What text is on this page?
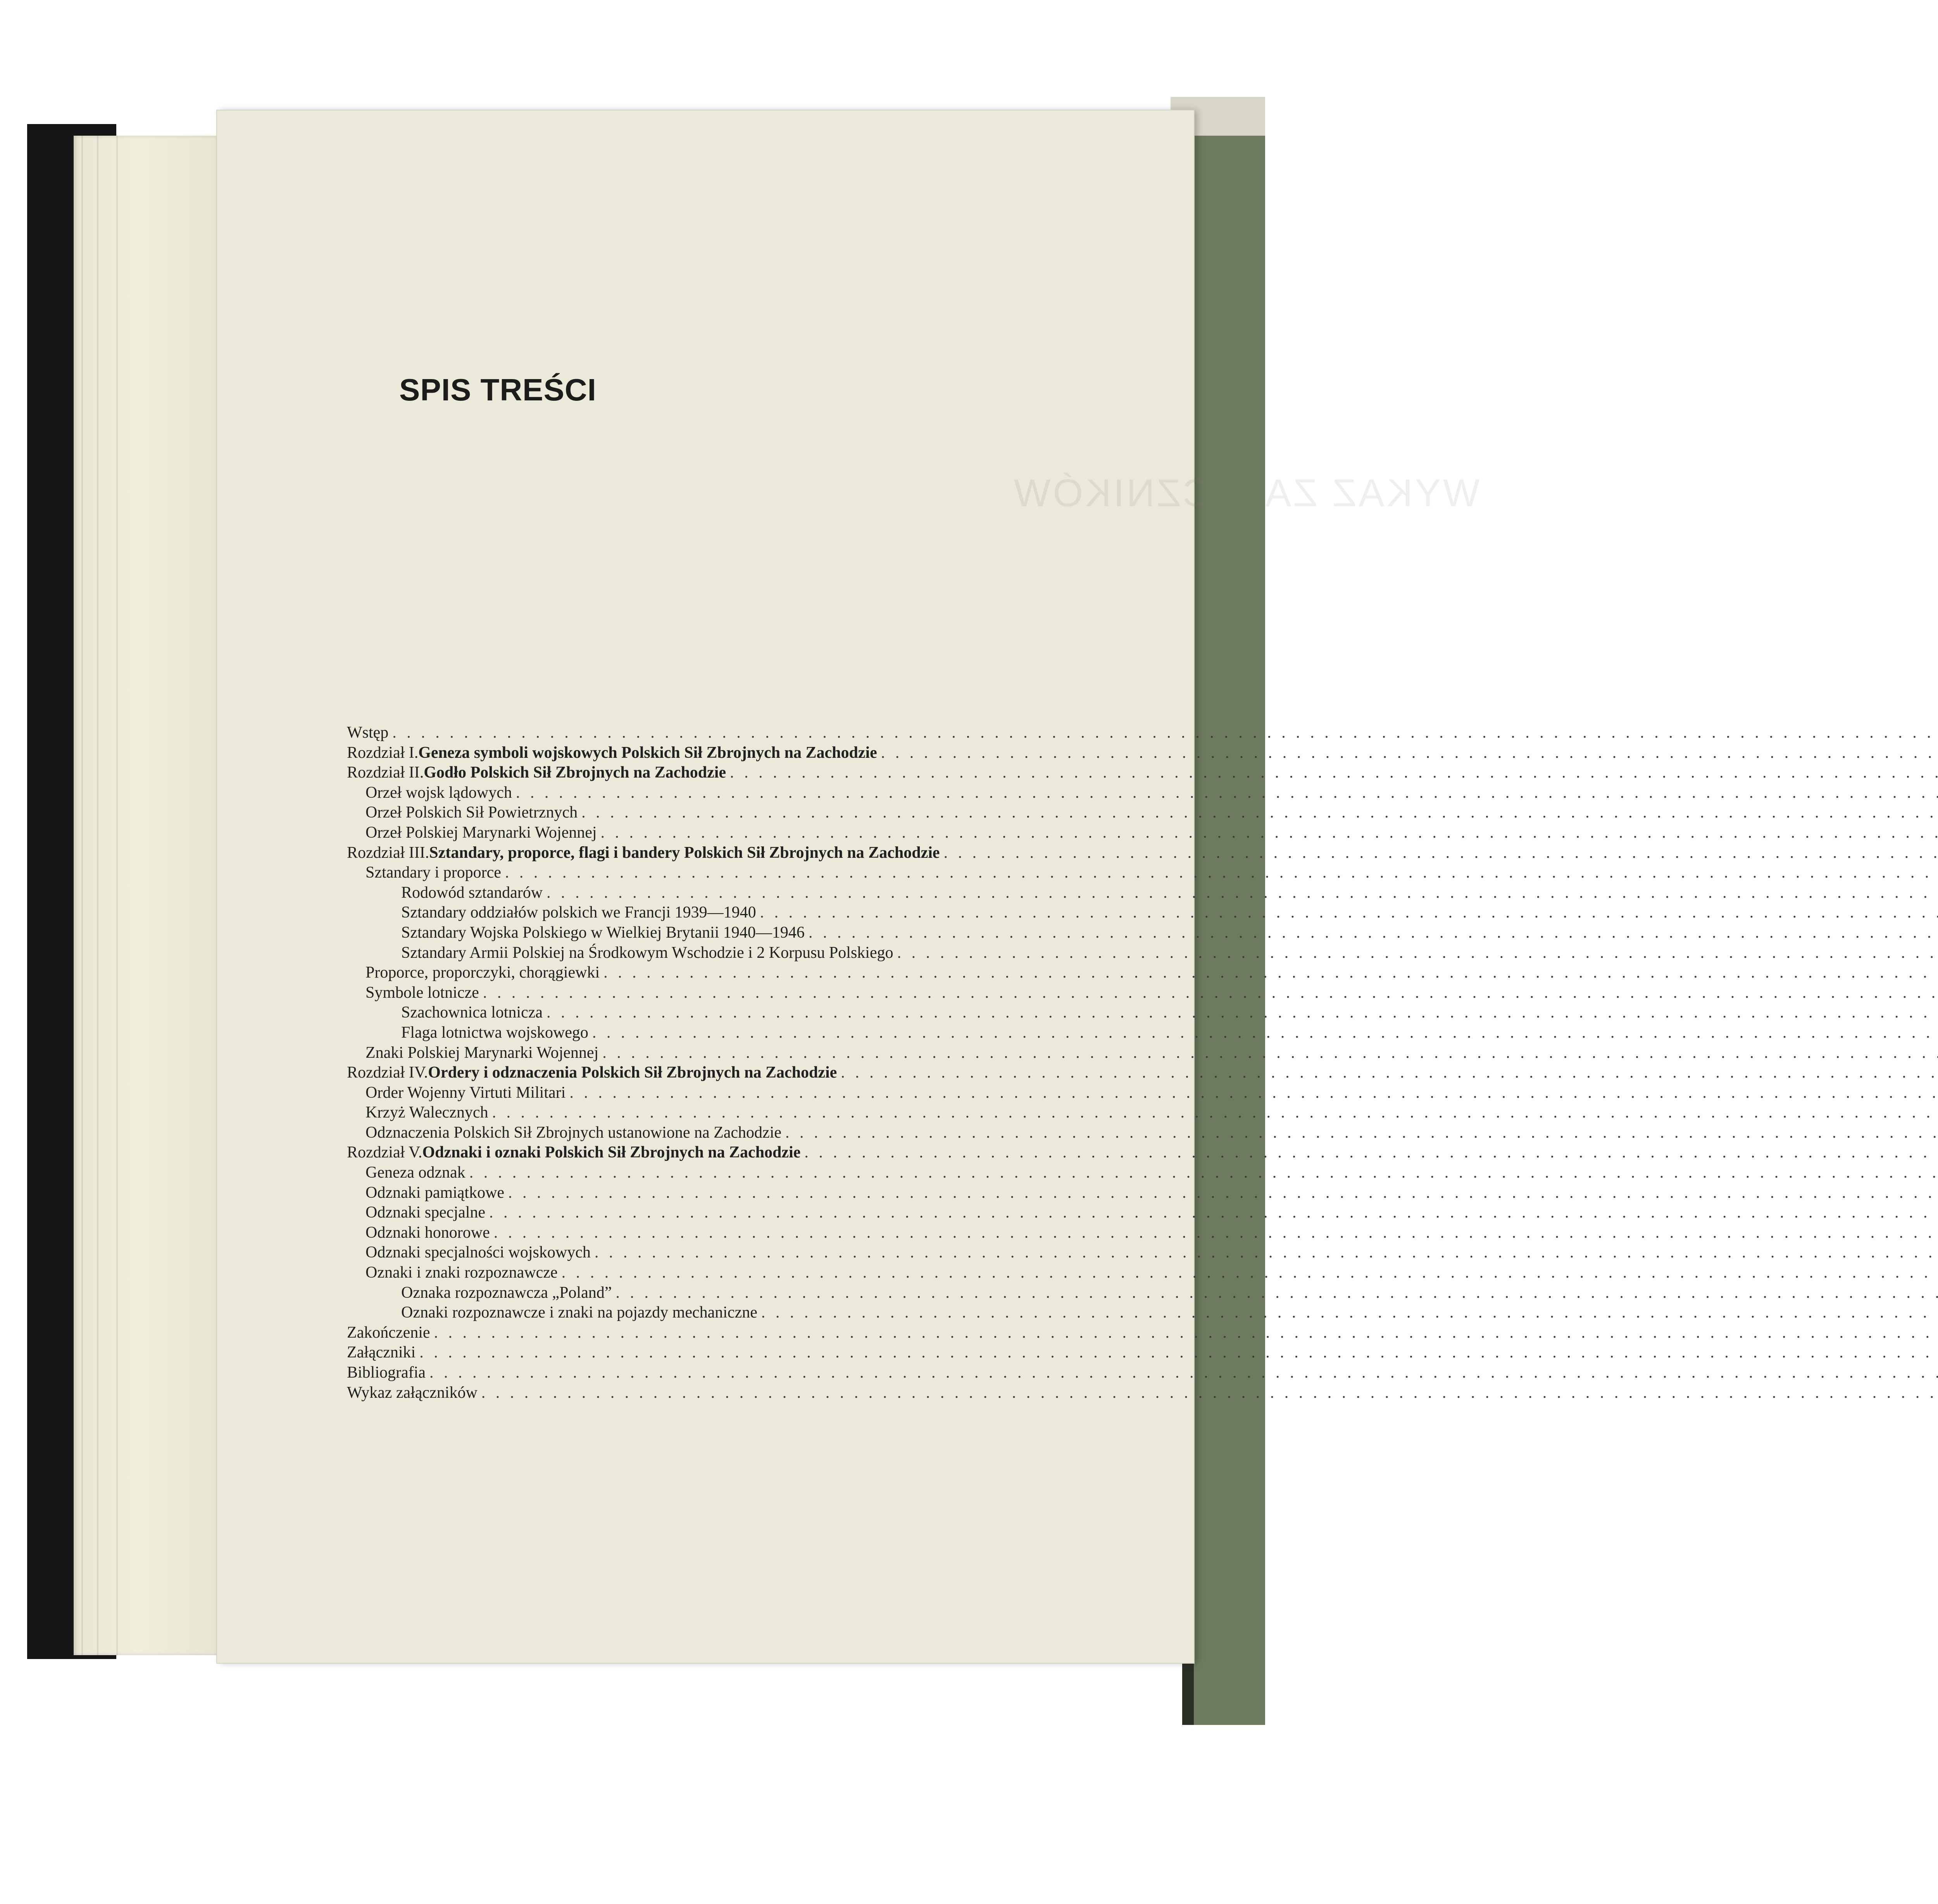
WYKAZ ZAŁĄCZNIKÓW
SPIS TREŚCI
Wstęp
. . .
Rozdział I. Geneza symboli wojskowych Polskich Sił Zbrojnych na Zachodzie
. . .
Rozdział II. Godło Polskich Sił Zbrojnych na Zachodzie
. . .
Orzeł wojsk lądowych
. . .
Orzeł Polskich Sił Powietrznych
. . .
Orzeł Polskiej Marynarki Wojennej
. . .
Rozdział III. Sztandary, proporce, flagi i bandery Polskich Sił Zbrojnych na Zachodzie
. . .
Sztandary i proporce
. . .
Rodowód sztandarów
. . .
Sztandary oddziałów polskich we Francji 1939—1940
. . .
Sztandary Wojska Polskiego w Wielkiej Brytanii 1940—1946
. . .
Sztandary Armii Polskiej na Środkowym Wschodzie i 2 Korpusu Polskiego
. . .
Proporce, proporczyki, chorągiewki
. . .
Symbole lotnicze
. . .
Szachownica lotnicza
. . .
Flaga lotnictwa wojskowego
. . .
Znaki Polskiej Marynarki Wojennej
. . .
Rozdział IV. Ordery i odznaczenia Polskich Sił Zbrojnych na Zachodzie
. . .
Order Wojenny Virtuti Militari
. . .
Krzyż Walecznych
. . .
Odznaczenia Polskich Sił Zbrojnych ustanowione na Zachodzie
. . .
Rozdział V. Odznaki i oznaki Polskich Sił Zbrojnych na Zachodzie
. . .
Geneza odznak
. . .
Odznaki pamiątkowe
. . .
Odznaki specjalne
. . .
Odznaki honorowe
. . .
Odznaki specjalności wojskowych
. . .
Oznaki i znaki rozpoznawcze
. . .
Oznaka rozpoznawcza „Poland”
. . .
Oznaki rozpoznawcze i znaki na pojazdy mechaniczne
. . .
Zakończenie
. . .
Załączniki
. . .
Bibliografia
. . .
Wykaz załączników
. . .
